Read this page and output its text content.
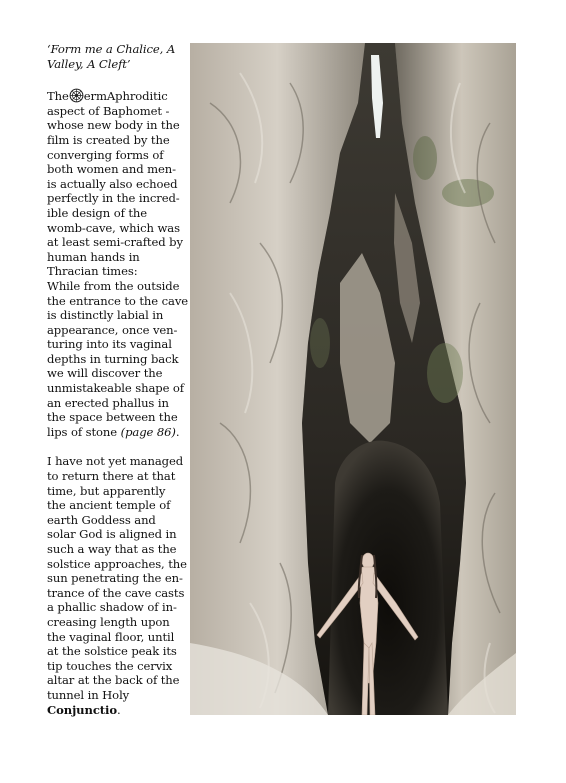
‘Form me a Chalice, A
Valley, A Cleft’

The ermAphroditic
aspect of Baphomet -
whose new body in the
film is created by the
converging forms of
both women and men-
is actually also echoed
perfectly in the incred-
ible design of the
womb-cave, which was
at least semi-crafted by
human hands in
Thracian times:
While from the outside
the entrance to the cave
is distinctly labial in
appearance, once ven-
turing into its vaginal
depths in turning back
we will discover the
unmistakeable shape of
an erected phallus in
the space between the
lips of stone (page 86).

I have not yet managed
to return there at that
time, but apparently
the ancient temple of
earth Goddess and
solar God is aligned in
such a way that as the
solstice approaches, the
sun penetrating the en-
trance of the cave casts
a phallic shadow of in-
creasing length upon
the vaginal floor, until
at the solstice peak its
tip touches the cervix
altar at the back of the
tunnel in Holy
Conjunctio.
